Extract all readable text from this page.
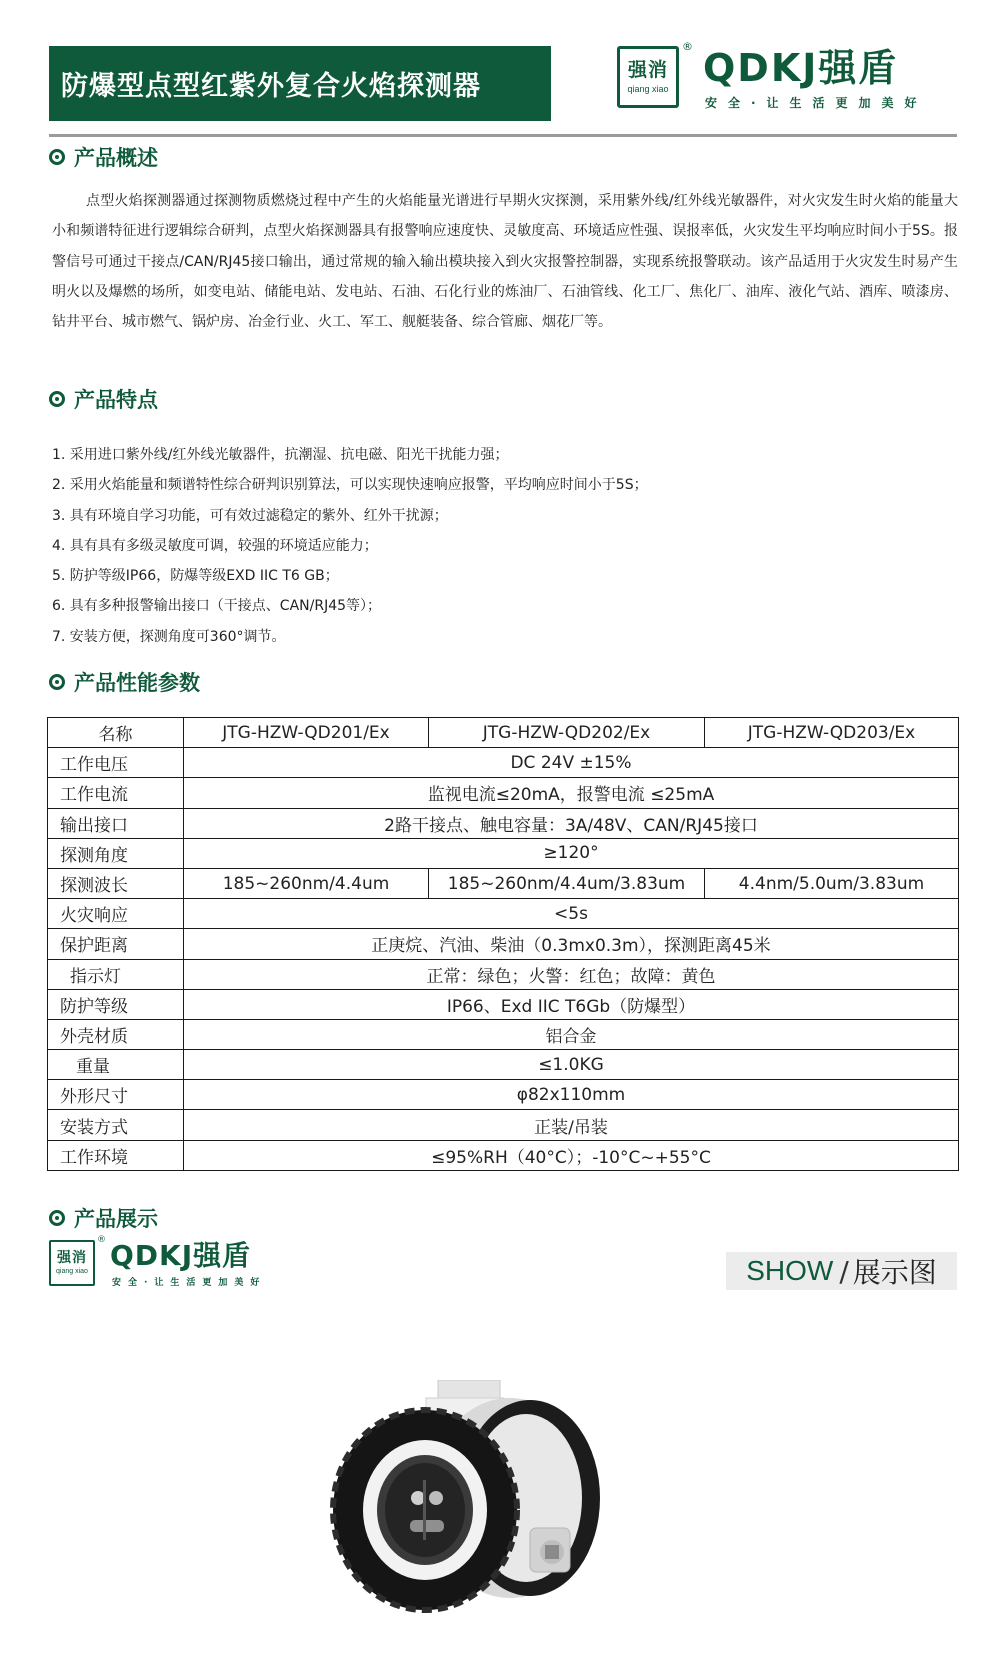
防爆型点型红紫外复合火焰探测器
强消
qiang xiao
® QDKJ强盾
安全·让生活更加美好
产品概述

点型火焰探测器通过探测物质燃烧过程中产生的火焰能量光谱进行早期火灾探测，采用紫外线/红外线光敏器件，对火灾发生时火焰的能量大小和频谱特征进行逻辑综合研判，点型火焰探测器具有报警响应速度快、灵敏度高、环境适应性强、误报率低，火灾发生平均响应时间小于5S。报警信号可通过干接点/CAN/RJ45接口输出，通过常规的输入输出模块接入到火灾报警控制器，实现系统报警联动。该产品适用于火灾发生时易产生明火以及爆燃的场所，如变电站、储能电站、发电站、石油、石化行业的炼油厂、石油管线、化工厂、焦化厂、油库、液化气站、酒库、喷漆房、钻井平台、城市燃气、锅炉房、冶金行业、火工、军工、舰艇装备、综合管廊、烟花厂等。

产品特点
1. 采用进口紫外线/红外线光敏器件，抗潮湿、抗电磁、阳光干扰能力强；
2. 采用火焰能量和频谱特性综合研判识别算法，可以实现快速响应报警，平均响应时间小于5S；
3. 具有环境自学习功能，可有效过滤稳定的紫外、红外干扰源；
4. 具有具有多级灵敏度可调，较强的环境适应能力；
5. 防护等级IP66，防爆等级EXD IIC T6 GB；
6. 具有多种报警输出接口（干接点、CAN/RJ45等）；
7. 安装方便，探测角度可360°调节。
产品性能参数
名称	JTG-HZW-QD201/Ex	JTG-HZW-QD202/Ex	JTG-HZW-QD203/Ex
工作电压	DC 24V ±15%		
工作电流	监视电流≤20mA，报警电流 ≤25mA		
输出接口	2路干接点、触电容量：3A/48V、CAN/RJ45接口		
探测角度	≥120°		
探测波长	185~260nm/4.4um	185~260nm/4.4um/3.83um	4.4nm/5.0um/3.83um
火灾响应	<5s		
保护距离	正庚烷、汽油、柴油（0.3mx0.3m），探测距离45米		
指示灯	正常：绿色；火警：红色；故障：黄色		
防护等级	IP66、Exd IIC T6Gb（防爆型）		
外壳材质	铝合金		
重量	≤1.0KG		
外形尺寸	φ82x110mm		
安装方式	正装/吊装		
工作环境	≤95%RH（40°C）；-10°C~+55°C		
产品展示
强消
qiang xiao
® QDKJ强盾
安全·让生活更加美好	SHOW / 展示图
